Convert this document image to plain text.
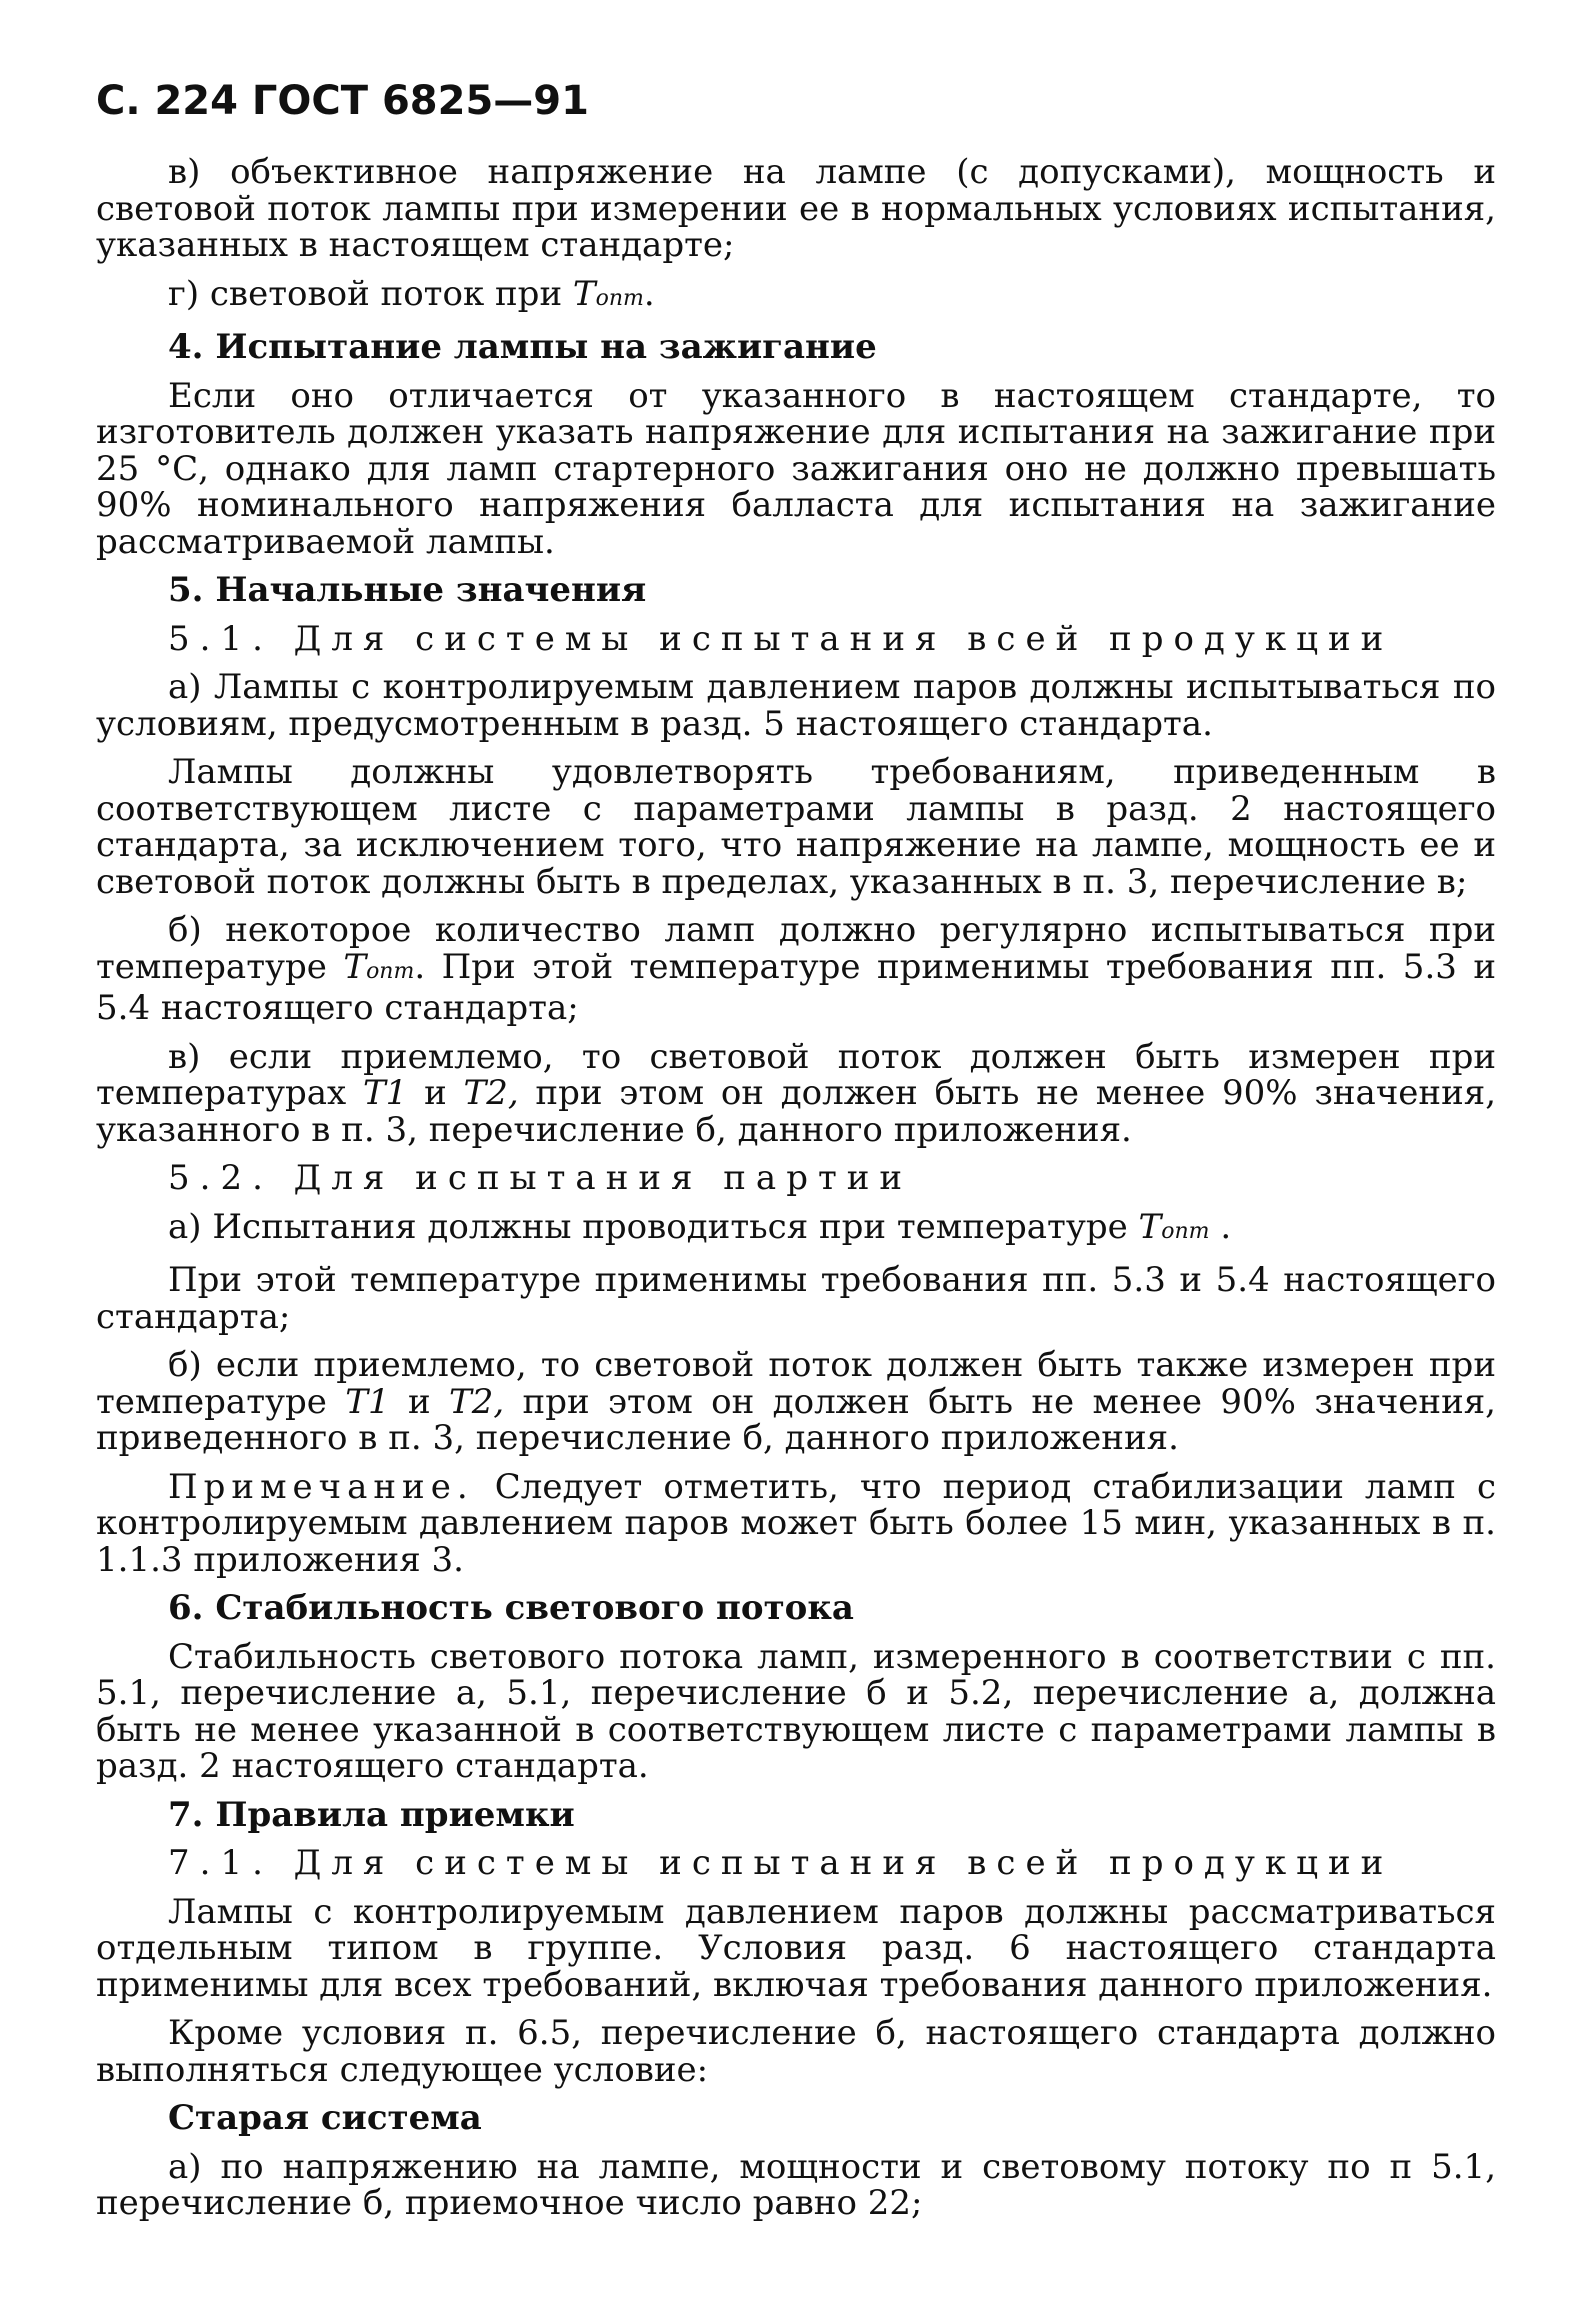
С. 224 ГОСТ 6825—91

в) объективное напряжение на лампе (с допусками), мощность и световой поток лампы при измерении ее в нормальных условиях испытания, указанных в настоящем стандарте;

г) световой поток при Tопт.

4. Испытание лампы на зажигание

Если оно отличается от указанного в настоящем стандарте, то изготовитель должен указать напряжение для испытания на зажигание при 25 °С, однако для ламп стартерного зажигания оно не должно превышать 90% номинального напряжения балласта для испытания на зажигание рассматриваемой лампы.

5. Начальные значения

5.1. Для системы испытания всей продукции

а) Лампы с контролируемым давлением паров должны испытываться по условиям, предусмотренным в разд. 5 настоящего стандарта.

Лампы должны удовлетворять требованиям, приведенным в соответствующем листе с параметрами лампы в разд. 2 настоящего стандарта, за исключением того, что напряжение на лампе, мощность ее и световой поток должны быть в пределах, указанных в п. 3, перечисление в;

б) некоторое количество ламп должно регулярно испытываться при температуре Tопт. При этой температуре применимы требования пп. 5.3 и 5.4 настоящего стандарта;

в) если приемлемо, то световой поток должен быть измерен при температурах T1 и T2, при этом он должен быть не менее 90% значения, указанного в п. 3, перечисление б, данного приложения.

5.2. Для испытания партии

а) Испытания должны проводиться при температуре Tопт .

При этой температуре применимы требования пп. 5.3 и 5.4 настоящего стандарта;

б) если приемлемо, то световой поток должен быть также измерен при температуре T1 и T2, при этом он должен быть не менее 90% значения, приведенного в п. 3, перечисление б, данного приложения.

Примечание. Следует отметить, что период стабилизации ламп с контролируемым давлением паров может быть более 15 мин, указанных в п. 1.1.3 приложения 3.

6. Стабильность светового потока

Стабильность светового потока ламп, измеренного в соответствии с пп. 5.1, перечисление а, 5.1, перечисление б и 5.2, перечисление а, должна быть не менее указанной в соответствующем листе с параметрами лампы в разд. 2 настоящего стандарта.

7. Правила приемки

7.1. Для системы испытания всей продукции

Лампы с контролируемым давлением паров должны рассматриваться отдельным типом в группе. Условия разд. 6 настоящего стандарта применимы для всех требований, включая требования данного приложения.

Кроме условия п. 6.5, перечисление б, настоящего стандарта должно выполняться следующее условие:

Старая система

а) по напряжению на лампе, мощности и световому потоку по п 5.1, перечисление б, приемочное число равно 22;
